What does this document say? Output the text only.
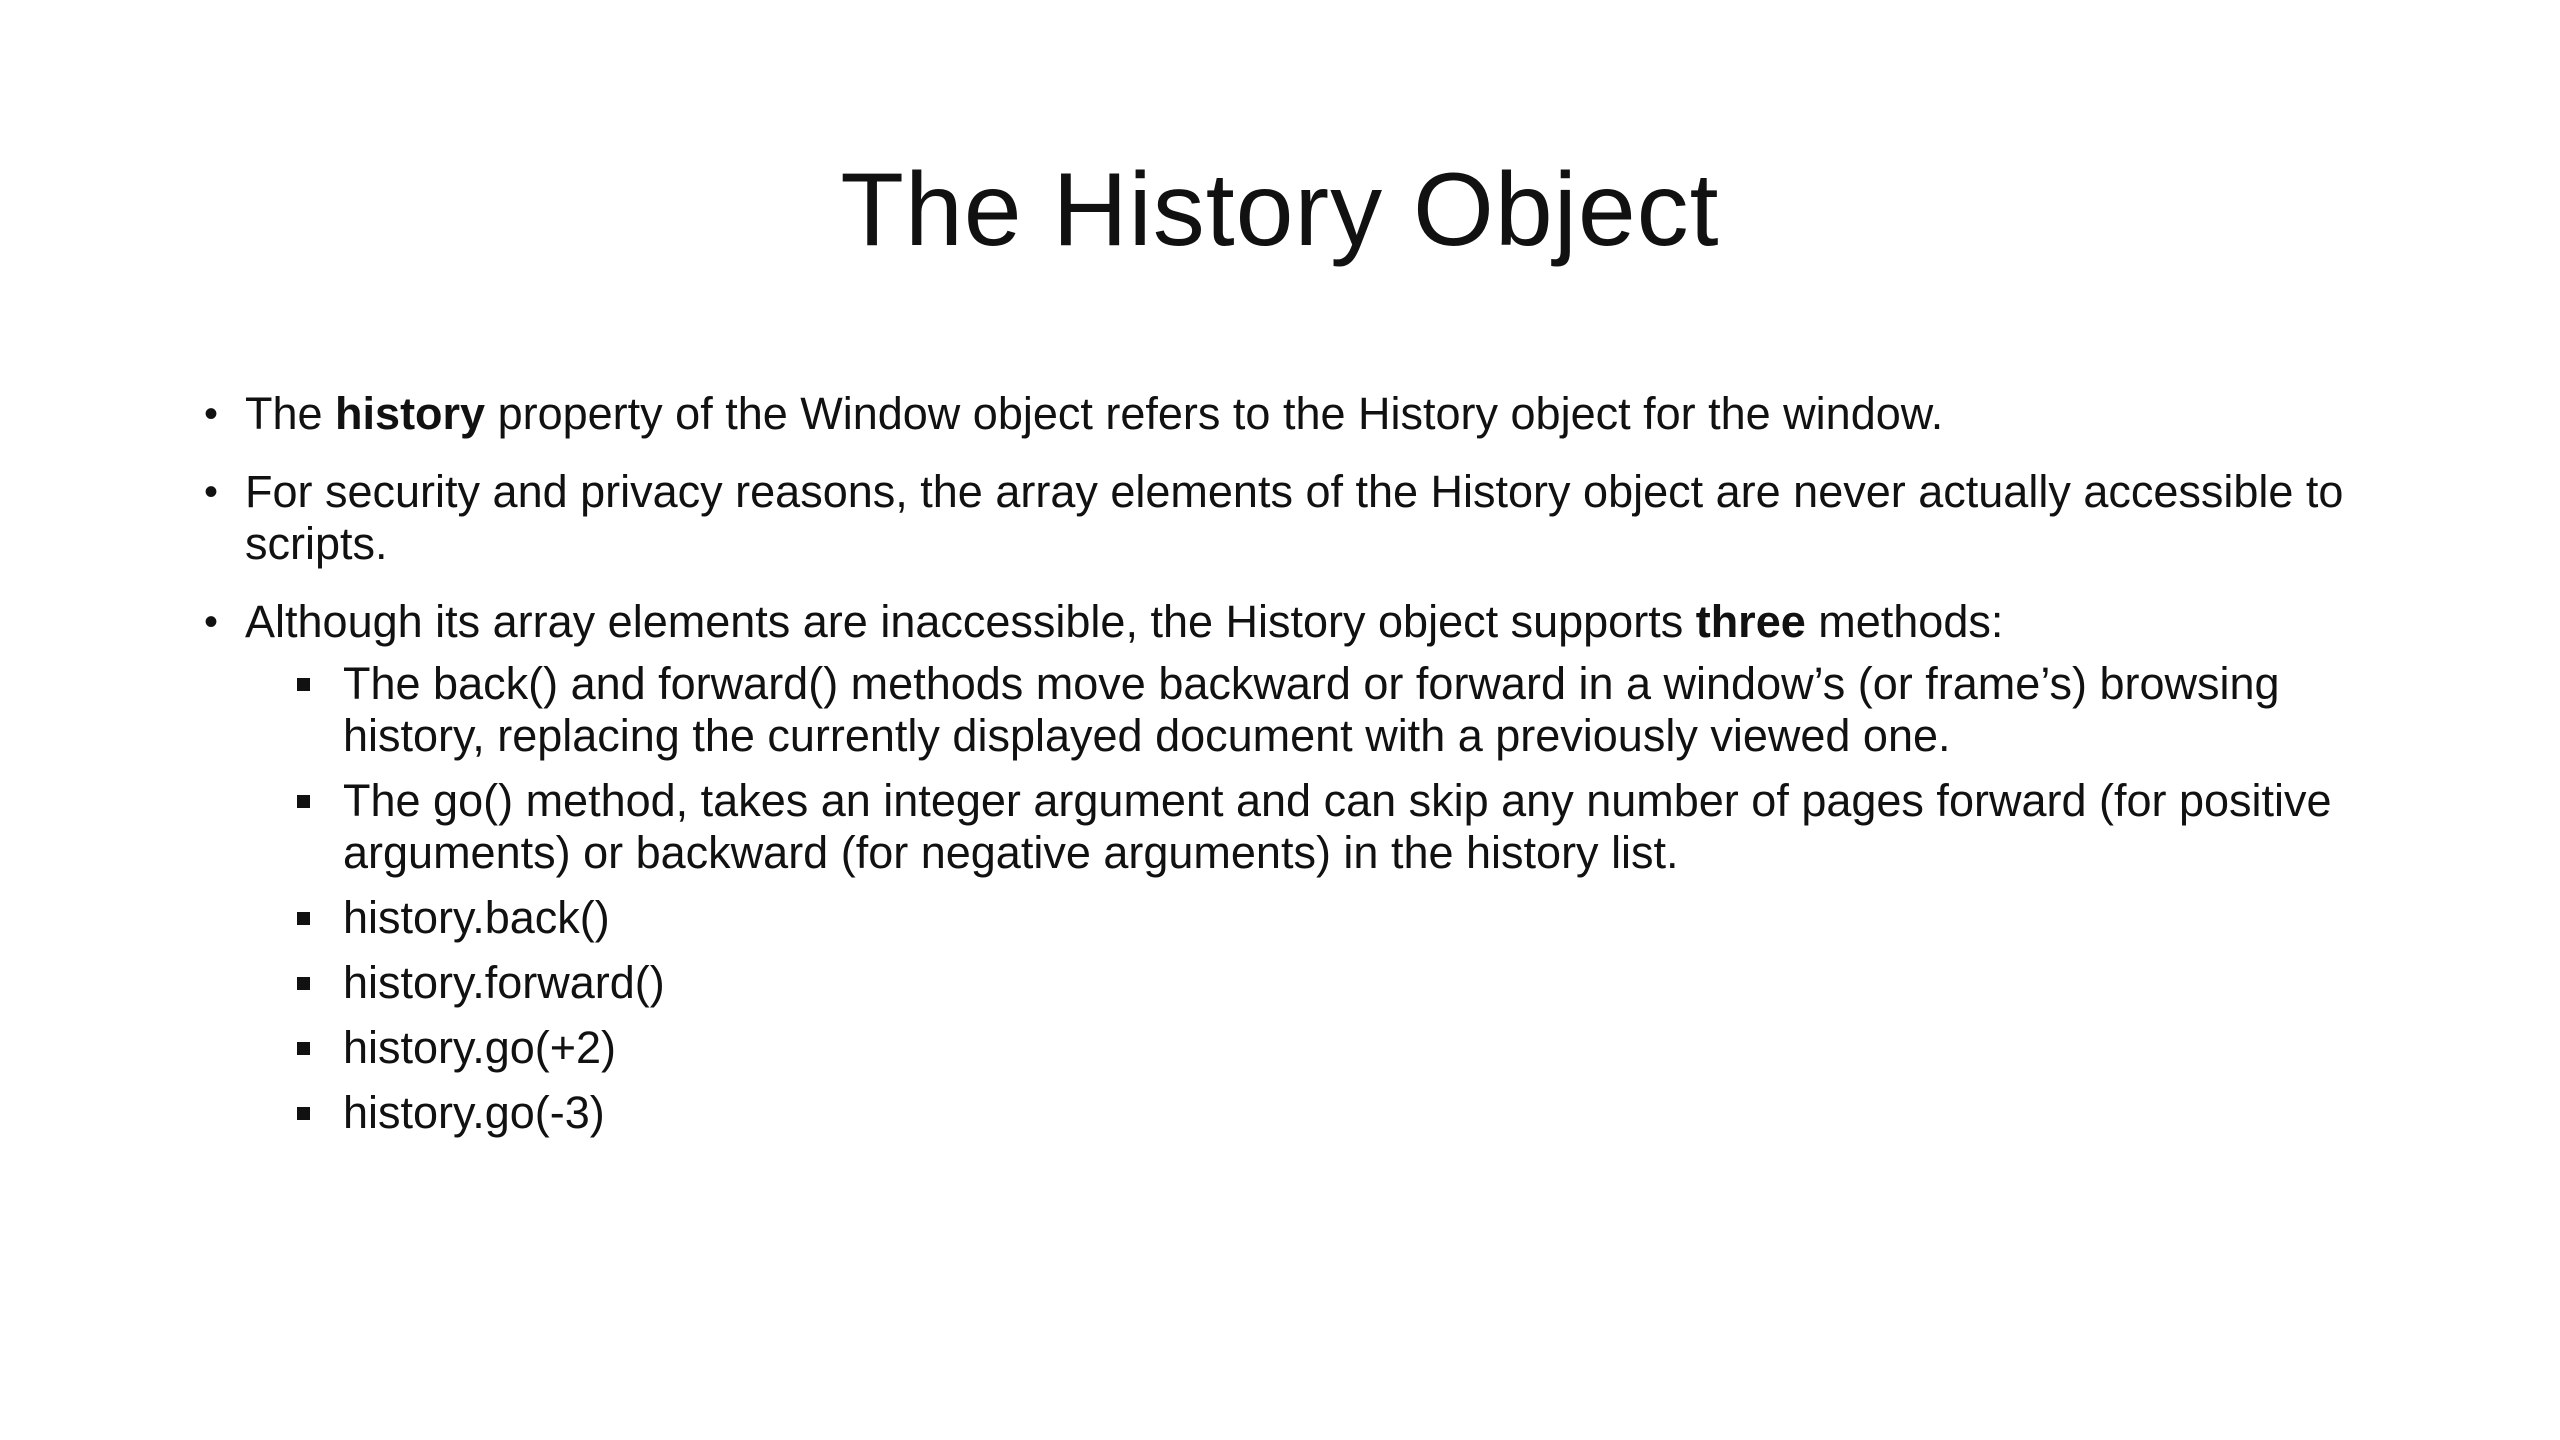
The History Object
• The history property of the Window object refers to the History object for the window.
• For security and privacy reasons, the array elements of the History object are never actually accessible to scripts.
• Although its array elements are inaccessible, the History object supports three methods:
The back() and forward() methods move backward or forward in a window’s (or frame’s) browsing history, replacing the currently displayed document with a previously viewed one.
The go() method, takes an integer argument and can skip any number of pages forward (for positive arguments) or backward (for negative arguments) in the history list.
history.back()
history.forward()
history.go(+2)
history.go(-3)
